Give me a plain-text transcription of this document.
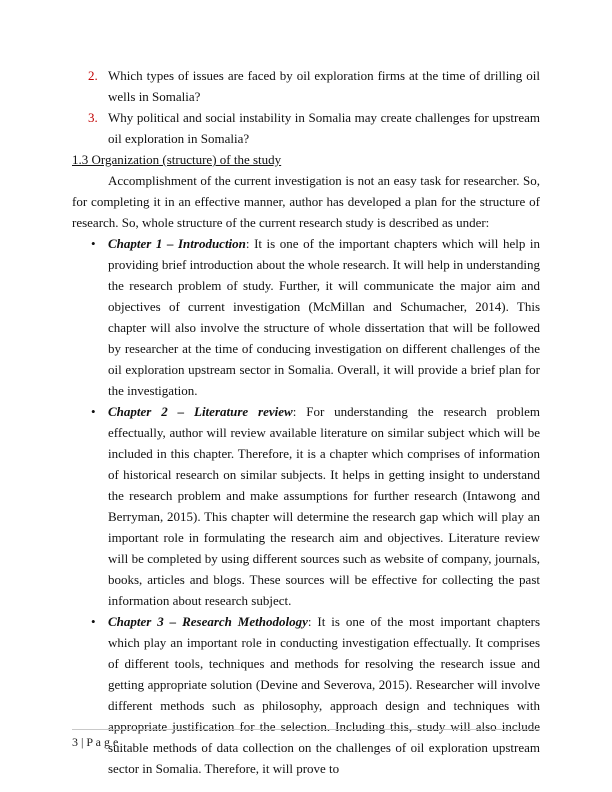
2. Which types of issues are faced by oil exploration firms at the time of drilling oil wells in Somalia?
3. Why political and social instability in Somalia may create challenges for upstream oil exploration in Somalia?
1.3 Organization (structure) of the study

Accomplishment of the current investigation is not an easy task for researcher. So, for completing it in an effective manner, author has developed a plan for the structure of research. So, whole structure of the current research study is described as under:

• Chapter 1 – Introduction: It is one of the important chapters which will help in providing brief introduction about the whole research. It will help in understanding the research problem of study. Further, it will communicate the major aim and objectives of current investigation (McMillan and Schumacher, 2014). This chapter will also involve the structure of whole dissertation that will be followed by researcher at the time of conducing investigation on different challenges of the oil exploration upstream sector in Somalia. Overall, it will provide a brief plan for the investigation.
• Chapter 2 – Literature review: For understanding the research problem effectually, author will review available literature on similar subject which will be included in this chapter. Therefore, it is a chapter which comprises of information of historical research on similar subjects. It helps in getting insight to understand the research problem and make assumptions for further research (Intawong and Berryman, 2015). This chapter will determine the research gap which will play an important role in formulating the research aim and objectives. Literature review will be completed by using different sources such as website of company, journals, books, articles and blogs. These sources will be effective for collecting the past information about research subject.
• Chapter 3 – Research Methodology: It is one of the most important chapters which play an important role in conducting investigation effectually. It comprises of different tools, techniques and methods for resolving the research issue and getting appropriate solution (Devine and Severova, 2015). Researcher will involve different methods such as philosophy, approach design and techniques with appropriate justification for the selection. Including this, study will also include suitable methods of data collection on the challenges of oil exploration upstream sector in Somalia. Therefore, it will prove to
3 | P a g e
